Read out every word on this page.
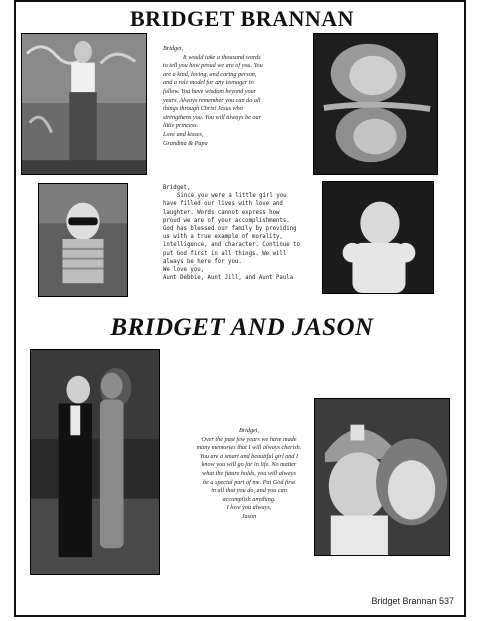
BRIDGET BRANNAN
Bridget,
It would take a thousand words
to tell you how proud we are of you. You
are a kind, loving, and caring person,
and a role model for any teenager to
follow. You have wisdom beyond your
years. Always remember you can do all
things through Christ Jesus who
strengthens you. You will always be our
little princess.
Love and kisses,
Grandma & Papa
Bridget,
Since you were a little girl you
have filled our lives with love and
laughter. Words cannot express how
proud we are of your accomplishments.
God has blessed our family by providing
us with a true example of morality,
intelligence, and character. Continue to
put God first in all things. We will
always be here for you.
We love you,
Aunt Debbie, Aunt Jill, and Aunt Paula
BRIDGET AND JASON
Bridget,
Over the past few years we have made
many memories that I will always cherish.
You are a smart and beautiful girl and I
know you will go far in life. No matter
what the future holds, you will always
be a special part of me. Put God first
in all that you do, and you can
accomplish anything.
I love you always,
Jason
Bridget Brannan 537
